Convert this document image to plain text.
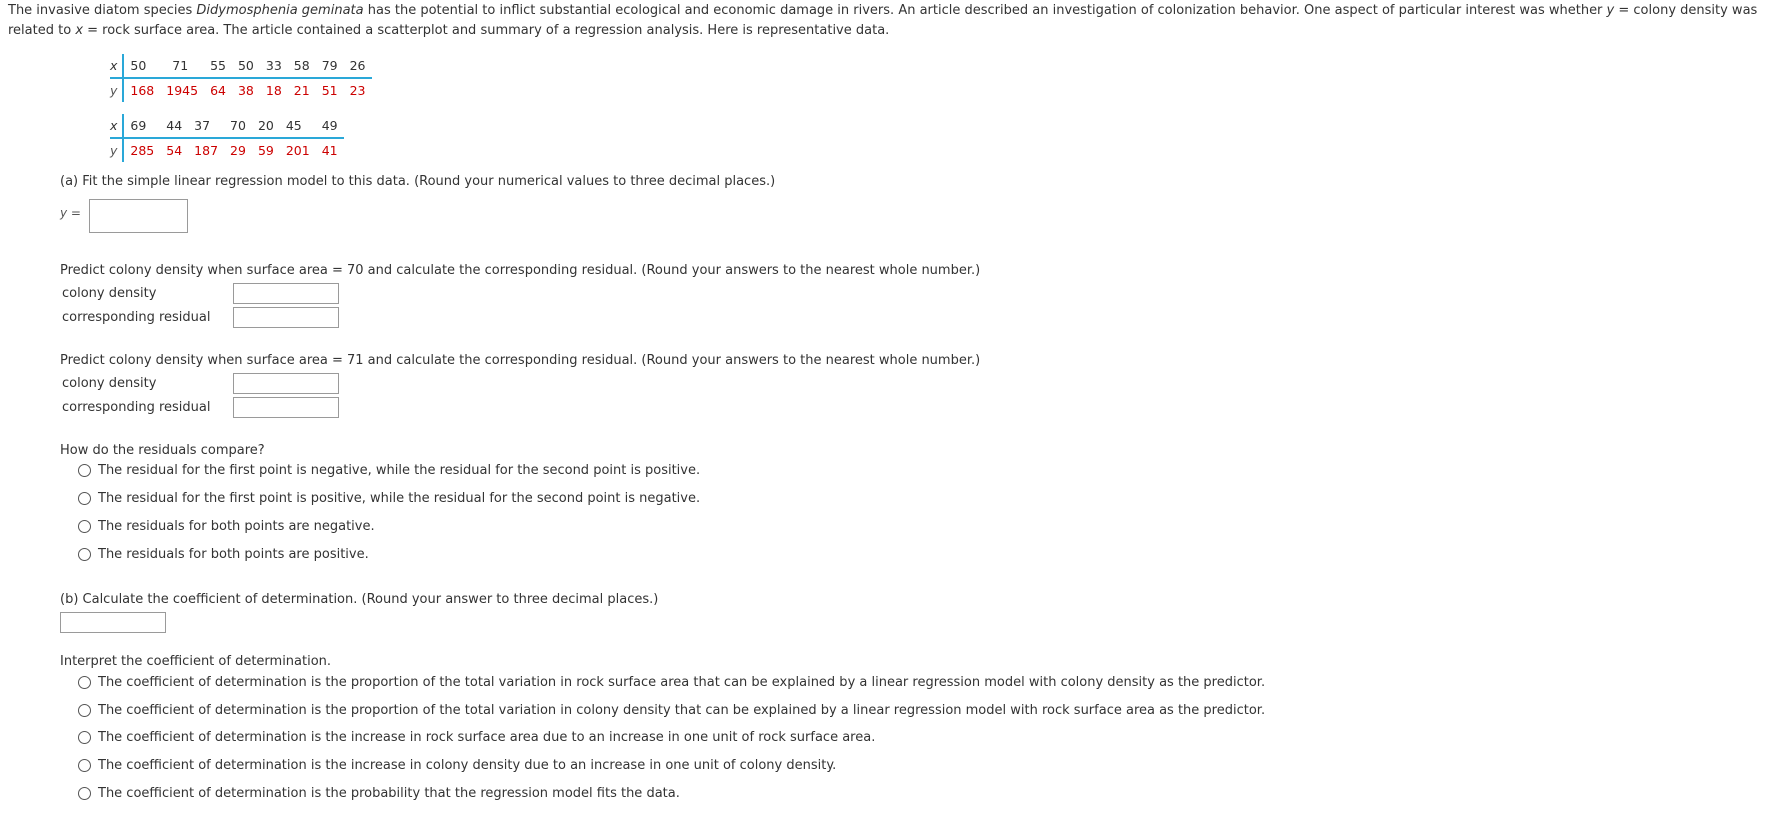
The invasive diatom species Didymosphenia geminata has the potential to inflict substantial ecological and economic damage in rivers. An article described an investigation of colonization behavior. One aspect of particular interest was whether y = colony density was related to x = rock surface area. The article contained a scatterplot and summary of a regression analysis. Here is representative data.
x	50	71	55	50	33	58	79	26
y	168	1945	64	38	18	21	51	23
x	69	44	37	70	20	45	49
y	285	54	187	29	59	201	41
(a) Fit the simple linear regression model to this data. (Round your numerical values to three decimal places.)
y =
Predict colony density when surface area = 70 and calculate the corresponding residual. (Round your answers to the nearest whole number.)
colony density
corresponding residual
Predict colony density when surface area = 71 and calculate the corresponding residual. (Round your answers to the nearest whole number.)
colony density
corresponding residual
How do the residuals compare?
The residual for the first point is negative, while the residual for the second point is positive.
The residual for the first point is positive, while the residual for the second point is negative.
The residuals for both points are negative.
The residuals for both points are positive.
(b) Calculate the coefficient of determination. (Round your answer to three decimal places.)
Interpret the coefficient of determination.
The coefficient of determination is the proportion of the total variation in rock surface area that can be explained by a linear regression model with colony density as the predictor.
The coefficient of determination is the proportion of the total variation in colony density that can be explained by a linear regression model with rock surface area as the predictor.
The coefficient of determination is the increase in rock surface area due to an increase in one unit of rock surface area.
The coefficient of determination is the increase in colony density due to an increase in one unit of colony density.
The coefficient of determination is the probability that the regression model fits the data.
